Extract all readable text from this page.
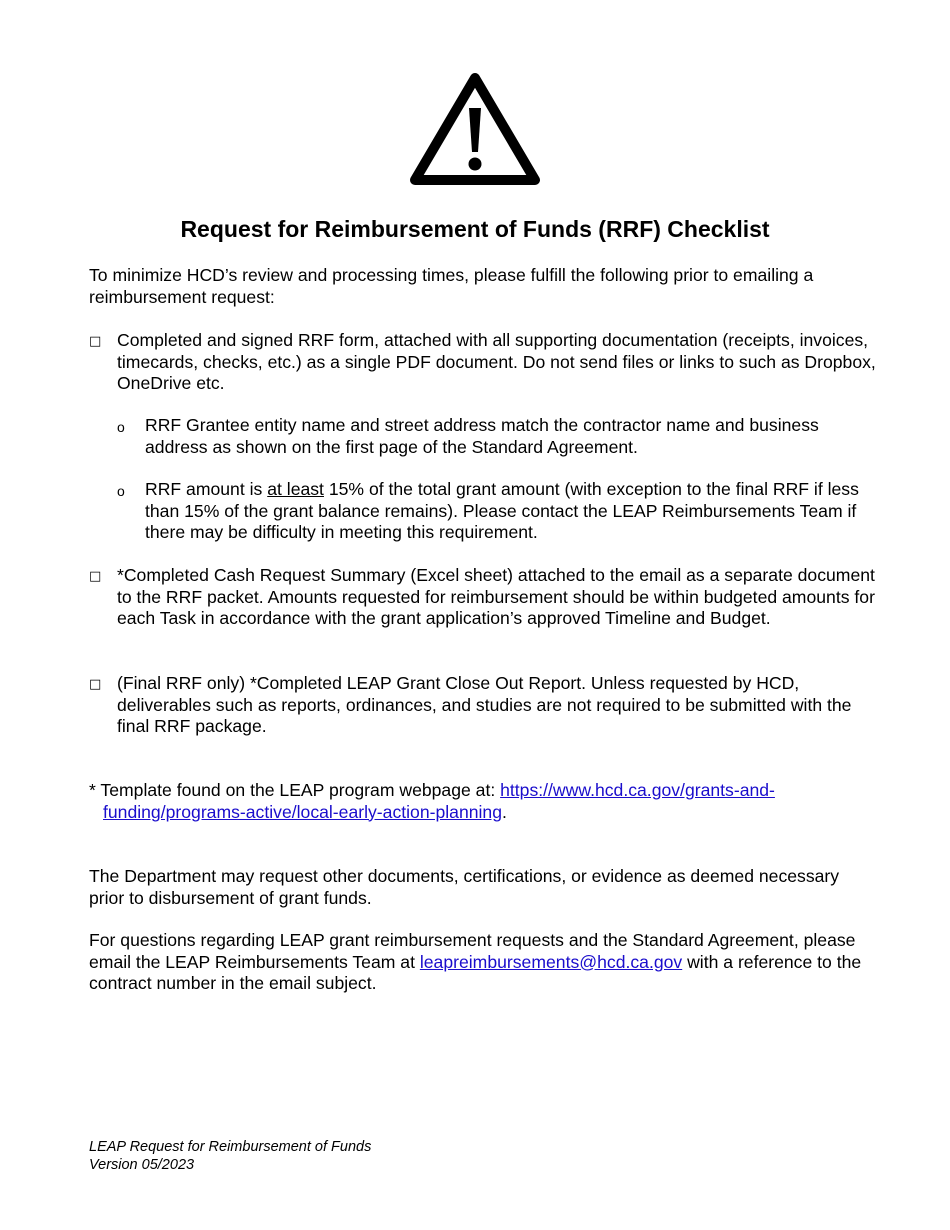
Request for Reimbursement of Funds (RRF) Checklist

To minimize HCD’s review and processing times, please fulfill the following prior to emailing a reimbursement request:

□ Completed and signed RRF form, attached with all supporting documentation (receipts, invoices, timecards, checks, etc.) as a single PDF document. Do not send files or links to such as Dropbox, OneDrive etc.

o RRF Grantee entity name and street address match the contractor name and business address as shown on the first page of the Standard Agreement.

o RRF amount is at least 15% of the total grant amount (with exception to the final RRF if less than 15% of the grant balance remains). Please contact the LEAP Reimbursements Team if there may be difficulty in meeting this requirement.

□ *Completed Cash Request Summary (Excel sheet) attached to the email as a separate document to the RRF packet. Amounts requested for reimbursement should be within budgeted amounts for each Task in accordance with the grant application’s approved Timeline and Budget.

□ (Final RRF only) *Completed LEAP Grant Close Out Report. Unless requested by HCD, deliverables such as reports, ordinances, and studies are not required to be submitted with the final RRF package.

* Template found on the LEAP program webpage at: https://www.hcd.ca.gov/grants-and-funding/programs-active/local-early-action-planning.

The Department may request other documents, certifications, or evidence as deemed necessary prior to disbursement of grant funds.

For questions regarding LEAP grant reimbursement requests and the Standard Agreement, please email the LEAP Reimbursements Team at leapreimbursements@hcd.ca.gov with a reference to the contract number in the email subject.

LEAP Request for Reimbursement of Funds
Version 05/2023
